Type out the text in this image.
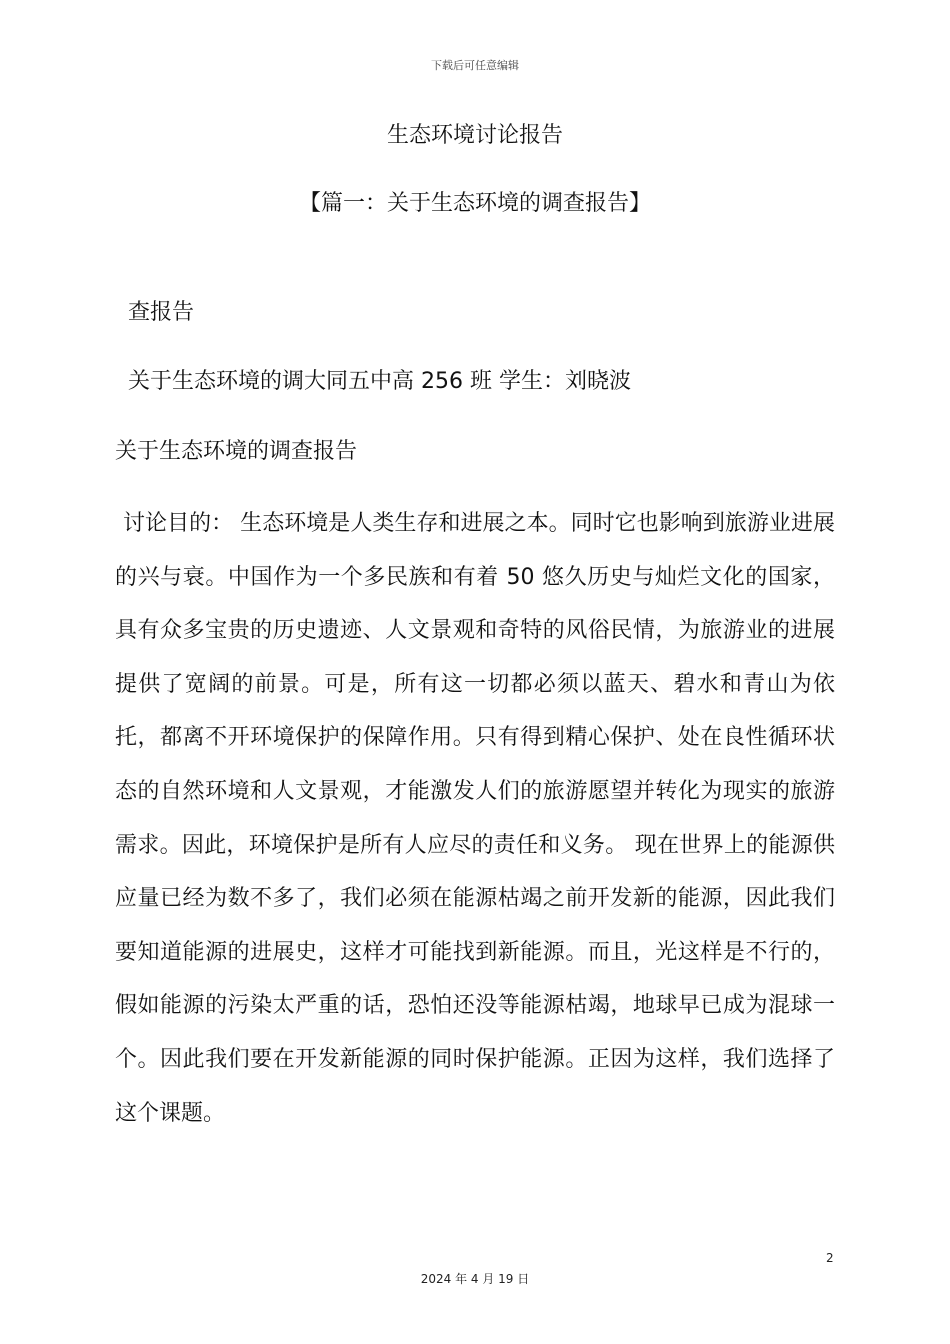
下载后可任意编辑
生态环境讨论报告
【篇一：关于生态环境的调查报告】
查报告
关于生态环境的调大同五中高 256 班 学生：刘晓波
关于生态环境的调查报告

讨论目的： 生态环境是人类生存和进展之本。同时它也影响到旅游业进展的兴与衰。中国作为一个多民族和有着 50 悠久历史与灿烂文化的国家，具有众多宝贵的历史遗迹、人文景观和奇特的风俗民情，为旅游业的进展提供了宽阔的前景。可是，所有这一切都必须以蓝天、碧水和青山为依托，都离不开环境保护的保障作用。只有得到精心保护、处在良性循环状态的自然环境和人文景观，才能激发人们的旅游愿望并转化为现实的旅游需求。因此，环境保护是所有人应尽的责任和义务。 现在世界上的能源供应量已经为数不多了，我们必须在能源枯竭之前开发新的能源，因此我们要知道能源的进展史，这样才可能找到新能源。而且，光这样是不行的，假如能源的污染太严重的话，恐怕还没等能源枯竭，地球早已成为混球一个。因此我们要在开发新能源的同时保护能源。正因为这样，我们选择了这个课题。

2
2024 年 4 月 19 日
